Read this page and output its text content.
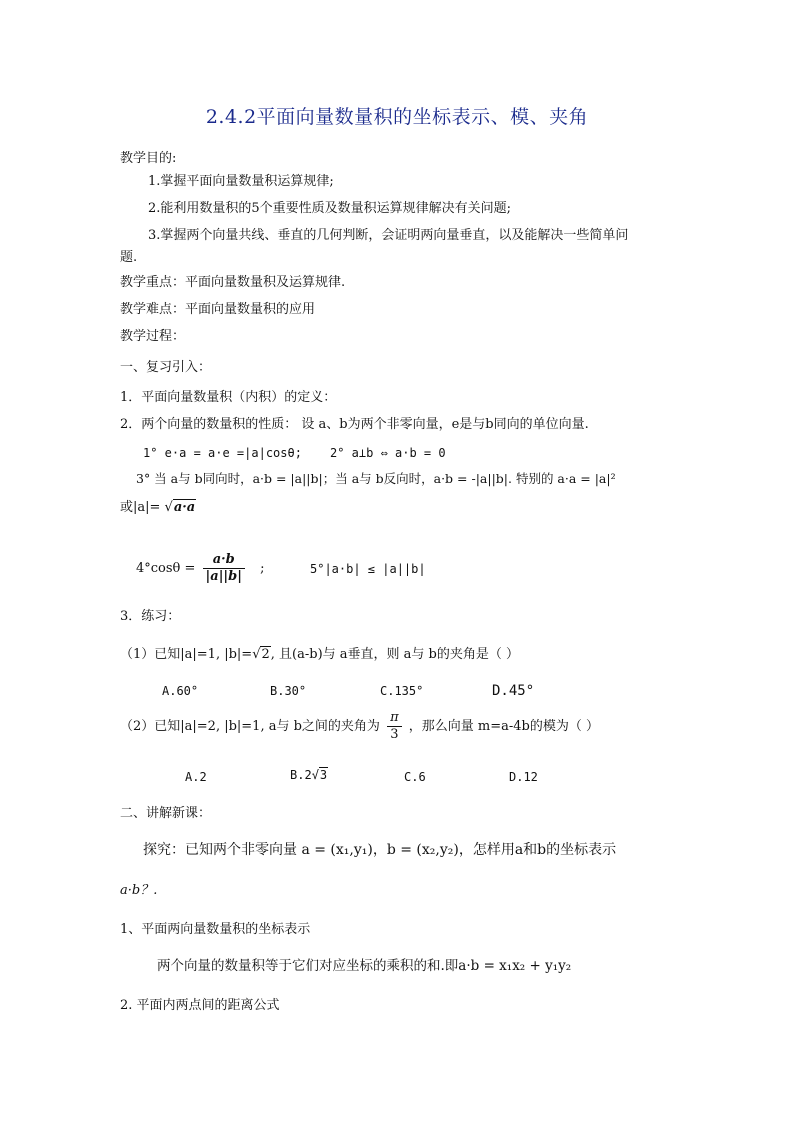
2.4.2平面向量数量积的坐标表示、模、夹角
教学目的:
1.掌握平面向量数量积运算规律;
2.能利用数量积的5个重要性质及数量积运算规律解决有关问题;
3.掌握两个向量共线、垂直的几何判断，会证明两向量垂直，以及能解决一些简单问
题.
教学重点：平面向量数量积及运算规律.
教学难点：平面向量数量积的应用
教学过程：
一、复习引入：
1．平面向量数量积（内积）的定义：
2．两个向量的数量积的性质： 设 a、b为两个非零向量，e是与b同向的单位向量.
1° e·a = a·e =|a|cosθ; 2° a⊥b ⇔ a·b = 0
3° 当 a与 b同向时，a·b = |a||b|；当 a与 b反向时，a·b = -|a||b|. 特别的 a·a = |a|²
或|a|= √a·a
$4^\circ\cos\theta = \frac{a\cdot b}{|a||b|}$ ;	5°|a·b| ≤ |a||b|
3．练习：
（1）已知|a|=1, |b|=√2, 且(a-b)与 a垂直，则 a与 b的夹角是（ ）
A.60°	B.30°	C.135°	D.45°
（2）已知|a|=2, |b|=1, a与 b之间的夹角为 $\frac{\pi}{3}$ ，那么向量 m=a-4b的模为（ ）
A.2	B.2√3	C.6	D.12
二、讲解新课：
探究：已知两个非零向量 a = (x₁,y₁)，b = (x₂,y₂)，怎样用a和b的坐标表示
a·b？.
1、平面两向量数量积的坐标表示
两个向量的数量积等于它们对应坐标的乘积的和.即a·b = x₁x₂ + y₁y₂
2. 平面内两点间的距离公式
